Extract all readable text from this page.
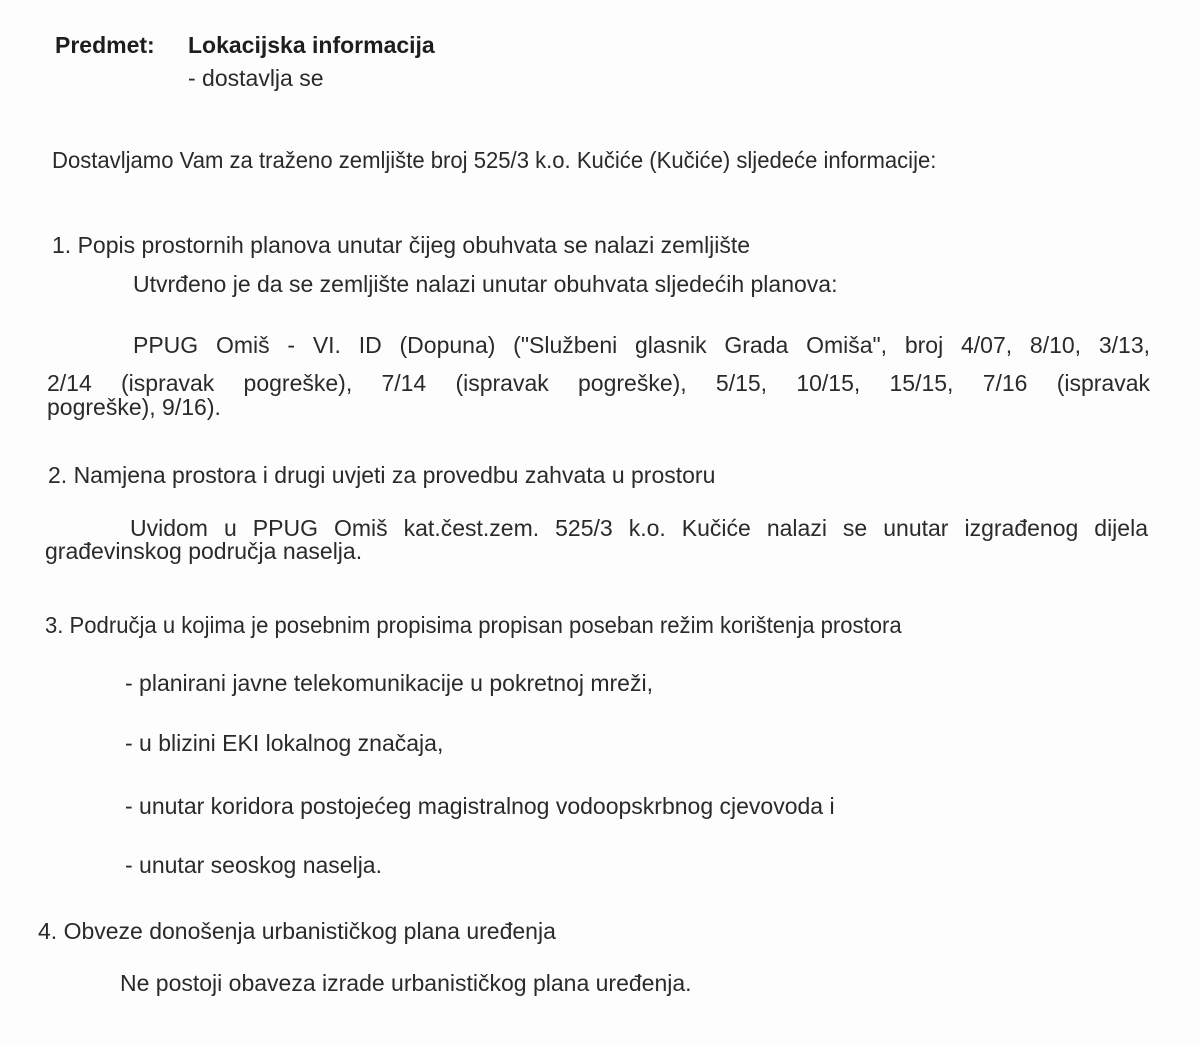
Predmet: Lokacijska informacija
- dostavlja se
Dostavljamo Vam za traženo zemljište broj 525/3 k.o. Kučiće (Kučiće) sljedeće informacije:
1. Popis prostornih planova unutar čijeg obuhvata se nalazi zemljište
Utvrđeno je da se zemljište nalazi unutar obuhvata sljedećih planova:
PPUG Omiš - VI. ID (Dopuna) ("Službeni glasnik Grada Omiša", broj 4/07, 8/10, 3/13,
2/14 (ispravak pogreške), 7/14 (ispravak pogreške), 5/15, 10/15, 15/15, 7/16 (ispravak
pogreške), 9/16).
2. Namjena prostora i drugi uvjeti za provedbu zahvata u prostoru
Uvidom u PPUG Omiš kat.čest.zem. 525/3 k.o. Kučiće nalazi se unutar izgrađenog dijela
građevinskog područja naselja.
3. Područja u kojima je posebnim propisima propisan poseban režim korištenja prostora
- planirani javne telekomunikacije u pokretnoj mreži,
- u blizini EKI lokalnog značaja,
- unutar koridora postojećeg magistralnog vodoopskrbnog cjevovoda i
- unutar seoskog naselja.
4. Obveze donošenja urbanističkog plana uređenja
Ne postoji obaveza izrade urbanističkog plana uređenja.
